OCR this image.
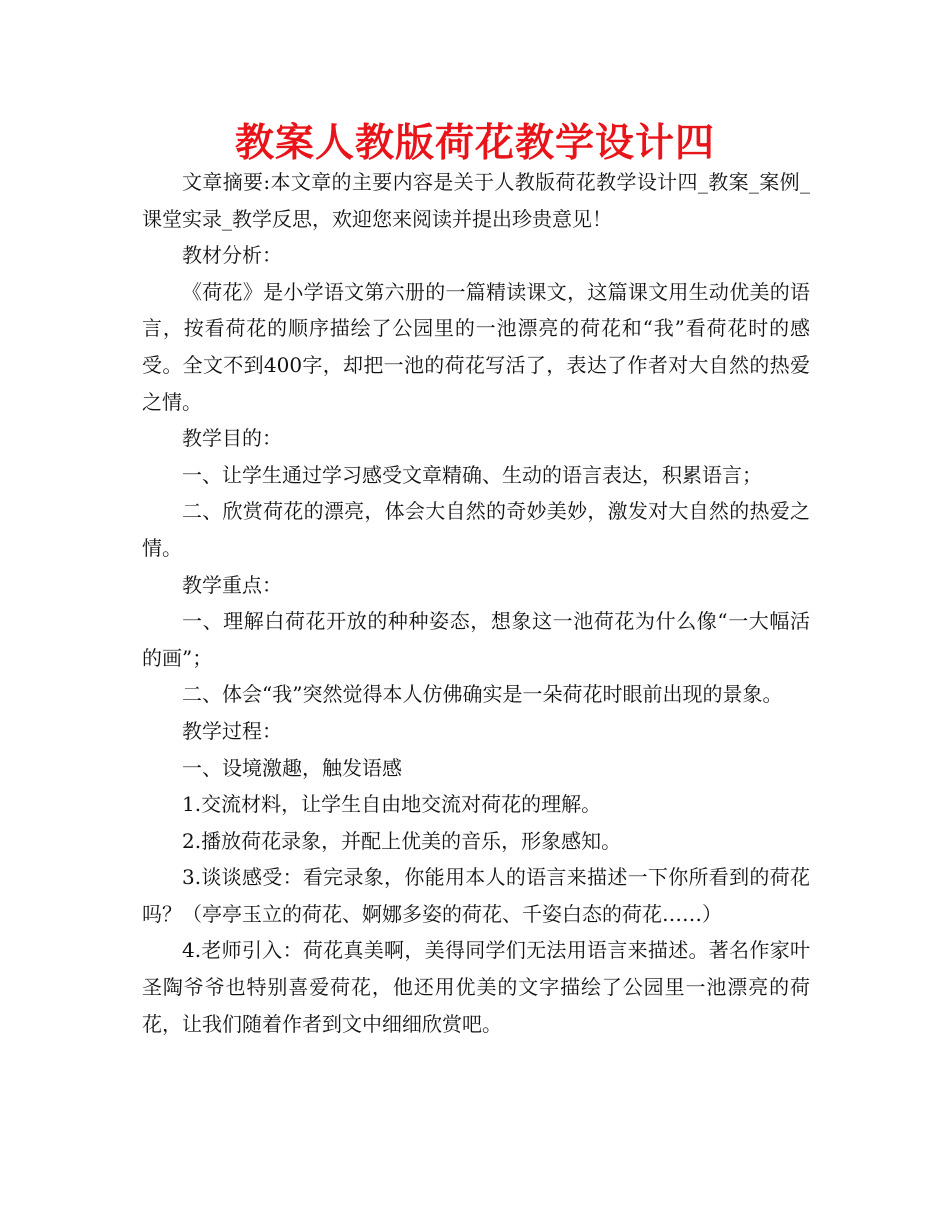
教案人教版荷花教学设计四

文章摘要:本文章的主要内容是关于人教版荷花教学设计四_教案_案例_课堂实录_教学反思，欢迎您来阅读并提出珍贵意见！

教材分析：

《荷花》是小学语文第六册的一篇精读课文，这篇课文用生动优美的语言，按看荷花的顺序描绘了公园里的一池漂亮的荷花和“我”看荷花时的感受。全文不到400字，却把一池的荷花写活了，表达了作者对大自然的热爱之情。

教学目的：

一、让学生通过学习感受文章精确、生动的语言表达，积累语言；

二、欣赏荷花的漂亮，体会大自然的奇妙美妙，激发对大自然的热爱之情。

教学重点：

一、理解白荷花开放的种种姿态，想象这一池荷花为什么像“一大幅活的画”；

二、体会“我”突然觉得本人仿佛确实是一朵荷花时眼前出现的景象。

教学过程：

一、设境激趣，触发语感

1.交流材料，让学生自由地交流对荷花的理解。

2.播放荷花录象，并配上优美的音乐，形象感知。

3.谈谈感受：看完录象，你能用本人的语言来描述一下你所看到的荷花吗？（亭亭玉立的荷花、婀娜多姿的荷花、千姿白态的荷花……）

4.老师引入：荷花真美啊，美得同学们无法用语言来描述。著名作家叶圣陶爷爷也特别喜爱荷花，他还用优美的文字描绘了公园里一池漂亮的荷花，让我们随着作者到文中细细欣赏吧。
